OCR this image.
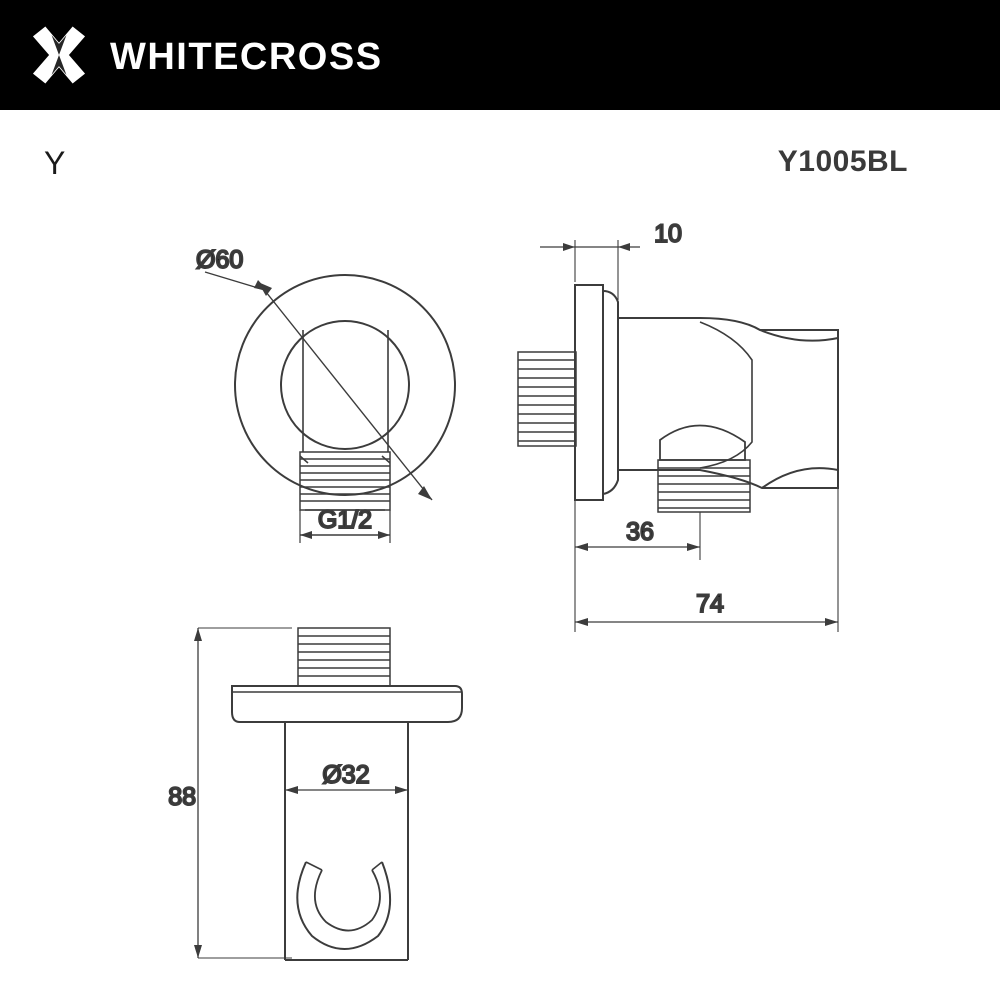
WHITECROSS
Y	Y1005BL
Ø60
G1/2
10
36
74
88
Ø32
